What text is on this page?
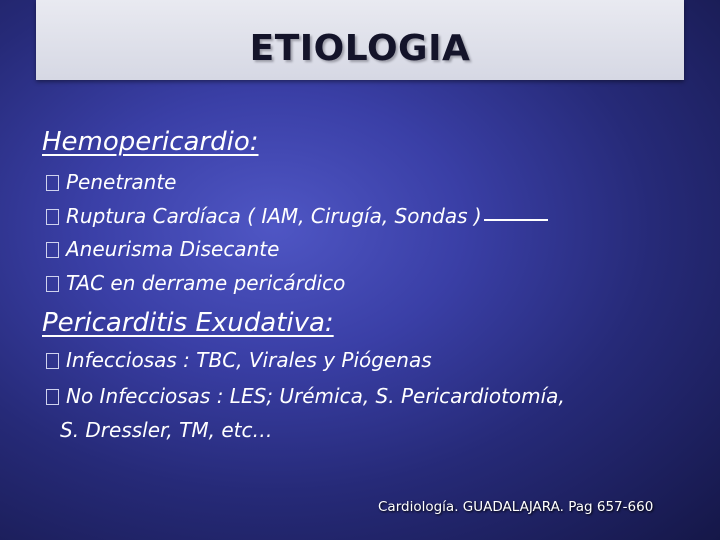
ETIOLOGIA
Hemopericardio:
Penetrante
Ruptura Cardíaca ( IAM, Cirugía, Sondas )
Aneurisma Disecante
TAC en derrame pericárdico
Pericarditis Exudativa:
Infecciosas : TBC, Virales y Piógenas
No Infecciosas : LES; Urémica, S. Pericardiotomía,
S. Dressler, TM, etc…
Cardiología. GUADALAJARA. Pag 657-660
